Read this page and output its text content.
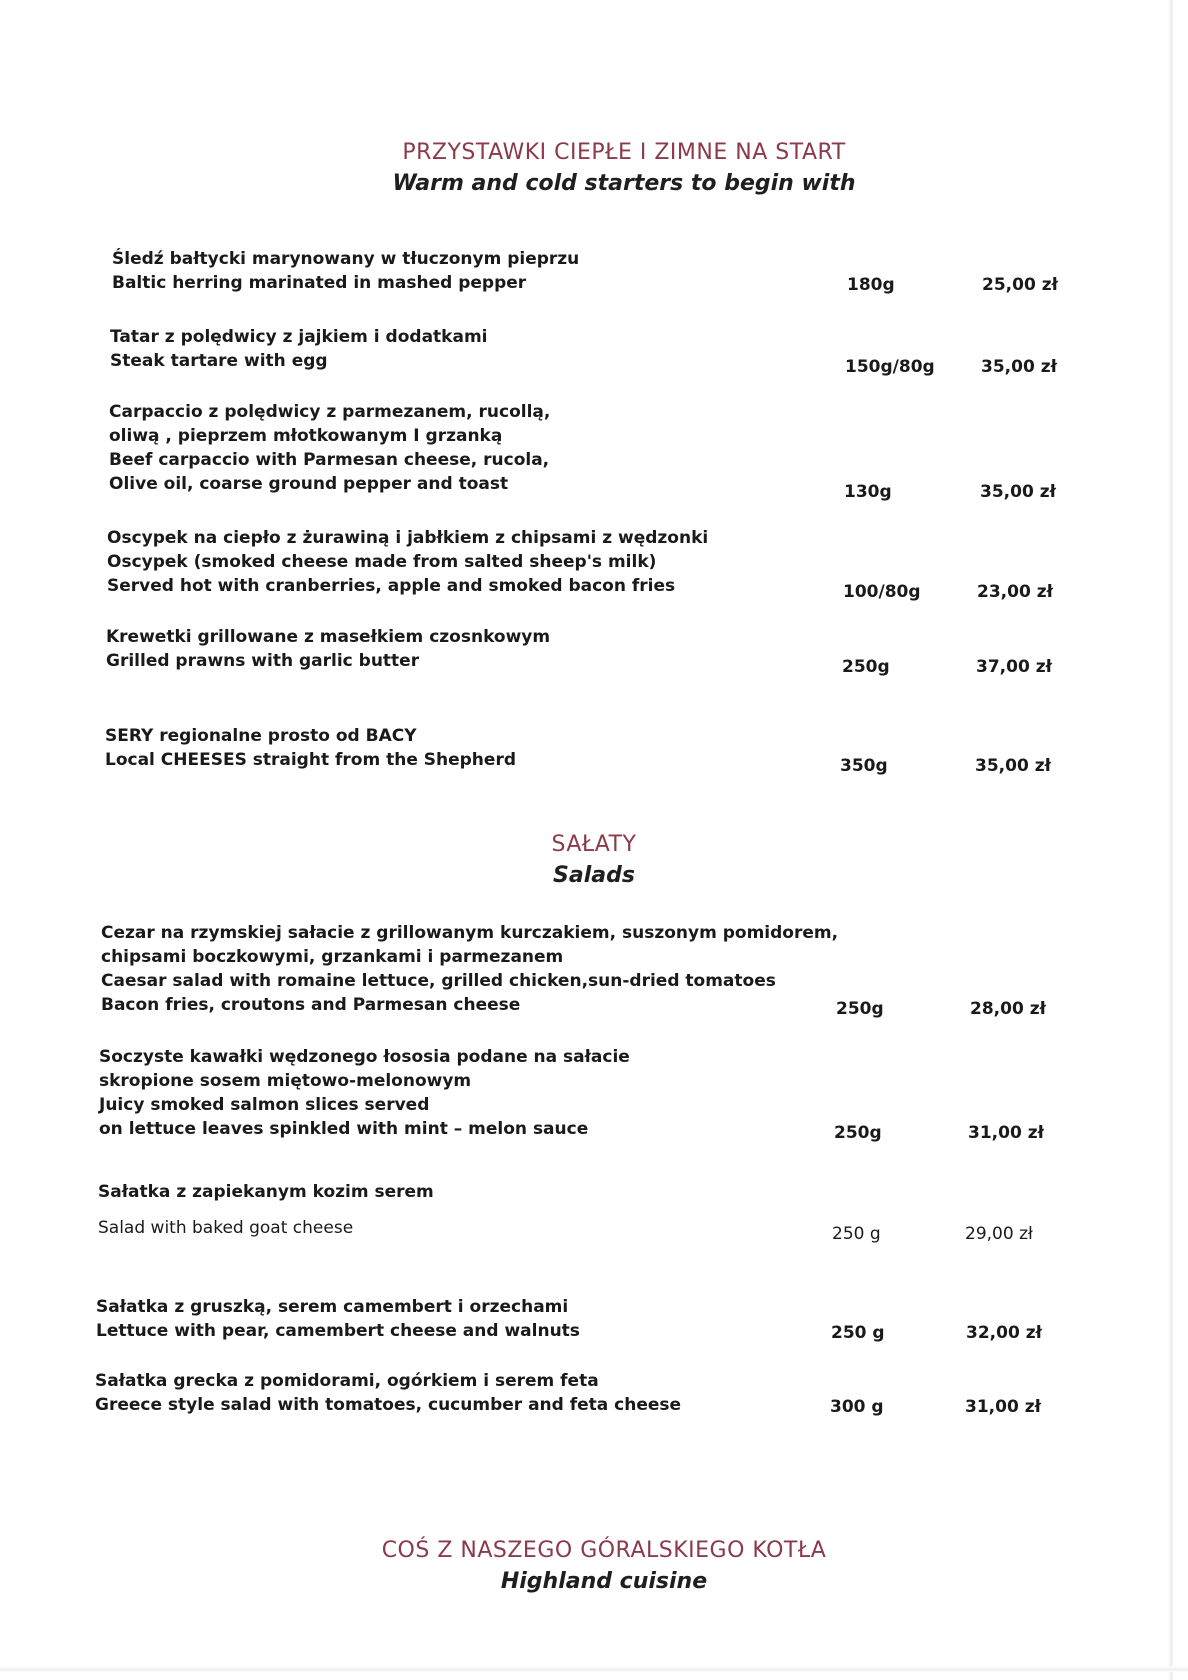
PRZYSTAWKI CIEPŁE I ZIMNE NA START
Warm and cold starters to begin with
Śledź bałtycki marynowany w tłuczonym pieprzu
Baltic herring marinated in mashed pepper	180g	25,00 zł
Tatar z polędwicy z jajkiem i dodatkami
Steak tartare with egg	150g/80g	35,00 zł
Carpaccio z polędwicy z parmezanem, rucollą,
oliwą , pieprzem młotkowanym I grzanką
Beef carpaccio with Parmesan cheese, rucola,
Olive oil, coarse ground pepper and toast	130g	35,00 zł
Oscypek na ciepło z żurawiną i jabłkiem z chipsami z wędzonki
Oscypek (smoked cheese made from salted sheep's milk)
Served hot with cranberries, apple and smoked bacon fries	100/80g	23,00 zł
Krewetki grillowane z masełkiem czosnkowym
Grilled prawns with garlic butter	250g	37,00 zł
SERY regionalne prosto od BACY
Local CHEESES straight from the Shepherd	350g	35,00 zł
SAŁATY
Salads
Cezar na rzymskiej sałacie z grillowanym kurczakiem, suszonym pomidorem,
chipsami boczkowymi, grzankami i parmezanem
Caesar salad with romaine lettuce, grilled chicken,sun-dried tomatoes
Bacon fries, croutons and Parmesan cheese	250g	28,00 zł
Soczyste kawałki wędzonego łososia podane na sałacie
skropione sosem miętowo-melonowym
Juicy smoked salmon slices served
on lettuce leaves spinkled with mint – melon sauce	250g	31,00 zł
Sałatka z zapiekanym kozim serem
Salad with baked goat cheese	250 g	29,00 zł
Sałatka z gruszką, serem camembert i orzechami
Lettuce with pear, camembert cheese and walnuts	250 g	32,00 zł
Sałatka grecka z pomidorami, ogórkiem i serem feta
Greece style salad with tomatoes, cucumber and feta cheese	300 g	31,00 zł
COŚ Z NASZEGO GÓRALSKIEGO KOTŁA
Highland cuisine
